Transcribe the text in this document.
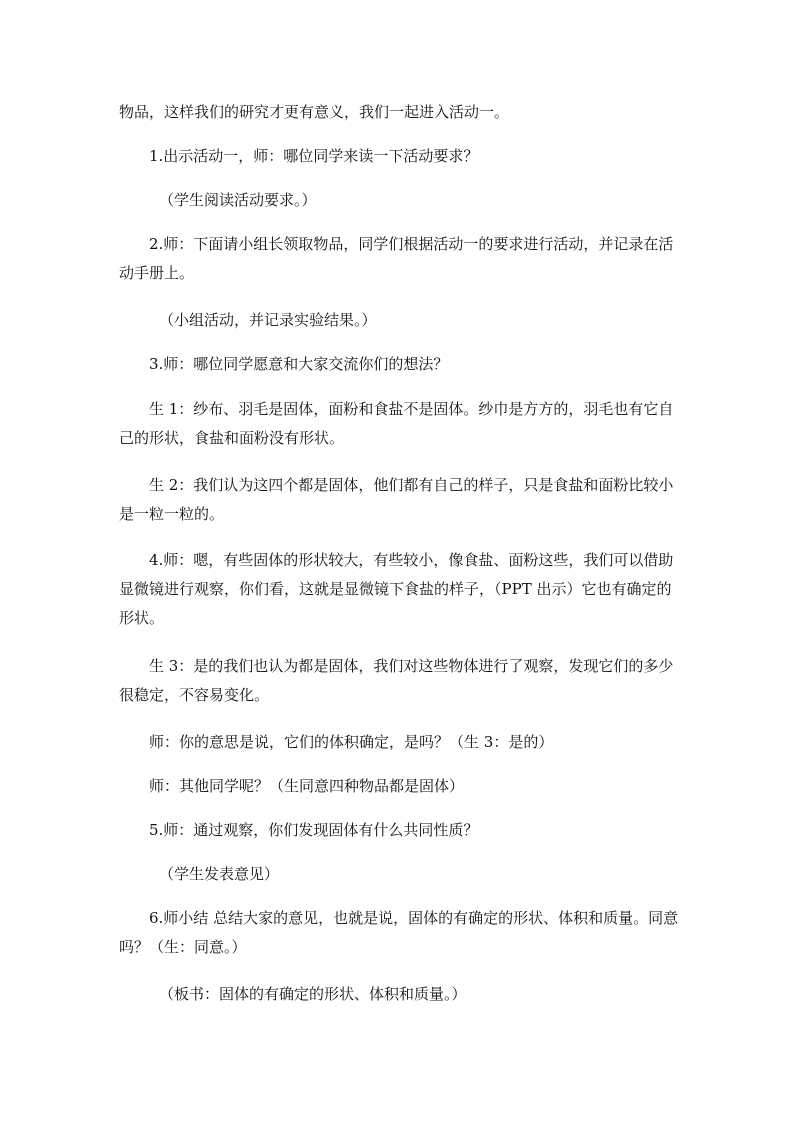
物品，这样我们的研究才更有意义，我们一起进入活动一。

1.出示活动一，师：哪位同学来读一下活动要求？

（学生阅读活动要求。）

2.师：下面请小组长领取物品，同学们根据活动一的要求进行活动，并记录在活动手册上。

（小组活动，并记录实验结果。）

3.师：哪位同学愿意和大家交流你们的想法？

生 1：纱布、羽毛是固体，面粉和食盐不是固体。纱巾是方方的，羽毛也有它自己的形状，食盐和面粉没有形状。

生 2：我们认为这四个都是固体，他们都有自己的样子，只是食盐和面粉比较小是一粒一粒的。

4.师：嗯，有些固体的形状较大，有些较小，像食盐、面粉这些，我们可以借助显微镜进行观察，你们看，这就是显微镜下食盐的样子，（PPT 出示）它也有确定的形状。

生 3：是的我们也认为都是固体，我们对这些物体进行了观察，发现它们的多少很稳定，不容易变化。

师：你的意思是说，它们的体积确定，是吗？（生 3：是的）

师：其他同学呢？（生同意四种物品都是固体）

5.师：通过观察，你们发现固体有什么共同性质？

（学生发表意见）

6.师小结 总结大家的意见，也就是说，固体的有确定的形状、体积和质量。同意吗？（生：同意。）

（板书：固体的有确定的形状、体积和质量。）
